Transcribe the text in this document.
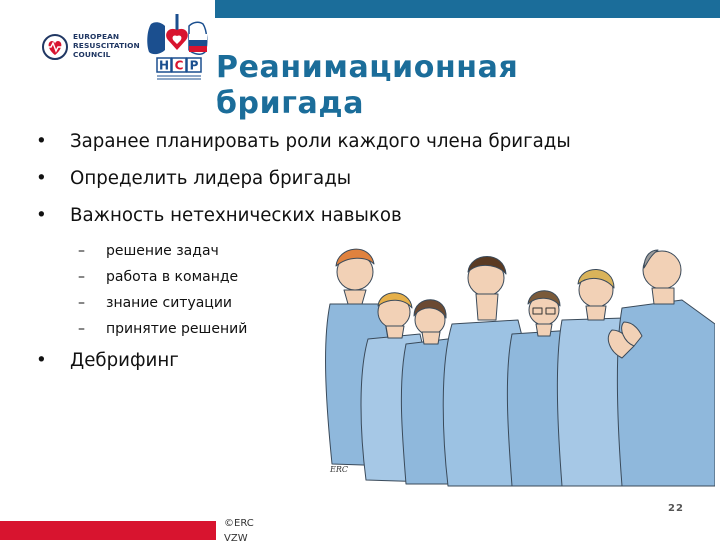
EUROPEAN
RESUSCITATION
COUNCIL
Н С Р Реанимационная
бригада
• Заранее планировать роли каждого члена бригады
• Определить лидера бригады
• Важность нетехнических навыков
– решение задач
– работа в команде
– знание ситуации
– принятие решений
• Дебрифинг
ERC
©ERC
VZW
22
